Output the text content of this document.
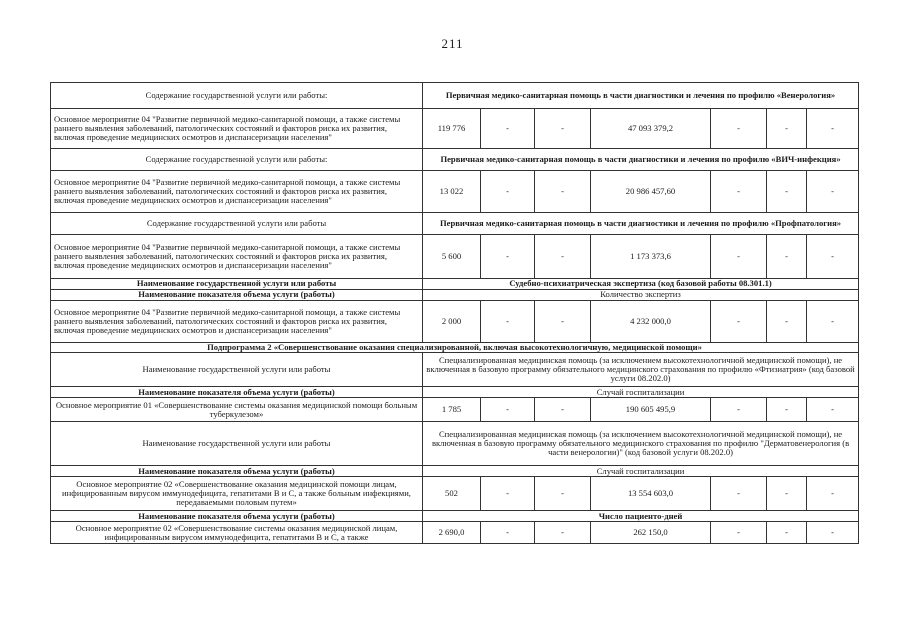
211
Содержание государственной услуги или работы:	Первичная медико-санитарная помощь в части диагностики и лечения по профилю «Венерология»						
Основное мероприятие 04 "Развитие первичной медико-санитарной помощи, а также системы раннего выявления заболеваний, патологических состояний и факторов риска их развития, включая проведение медицинских осмотров и диспансеризации населения"	119 776	-	-	47 093 379,2	-	-	-
Содержание государственной услуги или работы:	Первичная медико-санитарная помощь в части диагностики и лечения по профилю «ВИЧ-инфекция»						
Основное мероприятие 04 "Развитие первичной медико-санитарной помощи, а также системы раннего выявления заболеваний, патологических состояний и факторов риска их развития, включая проведение медицинских осмотров и диспансеризации населения"	13 022	-	-	20 986 457,60	-	-	-
Содержание государственной услуги или работы	Первичная медико-санитарная помощь в части диагностики и лечения по профилю «Профпатология»						
Основное мероприятие 04 "Развитие первичной медико-санитарной помощи, а также системы раннего выявления заболеваний, патологических состояний и факторов риска их развития, включая проведение медицинских осмотров и диспансеризации населения"	5 600	-	-	1 173 373,6	-	-	-
Наименование государственной услуги или работы	Судебно-психиатрическая экспертиза (код базовой работы 08.301.1)						
Наименование показателя объема услуги (работы)	Количество экспертиз						
Основное мероприятие 04 "Развитие первичной медико-санитарной помощи, а также системы раннего выявления заболеваний, патологических состояний и факторов риска их развития, включая проведение медицинских осмотров и диспансеризации населения"	2 000	-	-	4 232 000,0	-	-	-
Подпрограмма 2 «Совершенствование оказания специализированной, включая высокотехнологичную, медицинской помощи»							
Наименование государственной услуги или работы	Специализированная медицинская помощь (за исключением высокотехнологичной медицинской помощи), не включенная в базовую программу обязательного медицинского страхования по профилю «Фтизиатрия» (код базовой услуги 08.202.0)						
Наименование показателя объема услуги (работы)	Случай госпитализации						
Основное мероприятие 01 «Совершенствование системы оказания медицинской помощи больным туберкулезом»	1 785	-	-	190 605 495,9	-	-	-
Наименование государственной услуги или работы	Специализированная медицинская помощь (за исключением высокотехнологичной медицинской помощи), не включенная в базовую программу обязательного медицинского страхования по профилю "Дерматовенерология (в части венерологии)" (код базовой услуги 08.202.0)						
Наименование показателя объема услуги (работы)	Случай госпитализации						
Основное мероприятие 02 «Совершенствование оказания медицинской помощи лицам, инфицированным вирусом иммунодефицита, гепатитами В и С, а также больным инфекциями, передаваемыми половым путем»	502	-	-	13 554 603,0	-	-	-
Наименование показателя объема услуги (работы)	Число пациенто-дней						
Основное мероприятие 02 «Совершенствование системы оказания медицинской лицам, инфицированным вирусом иммунодефицита, гепатитами В и С, а также	2 690,0	-	-	262 150,0	-	-	-
